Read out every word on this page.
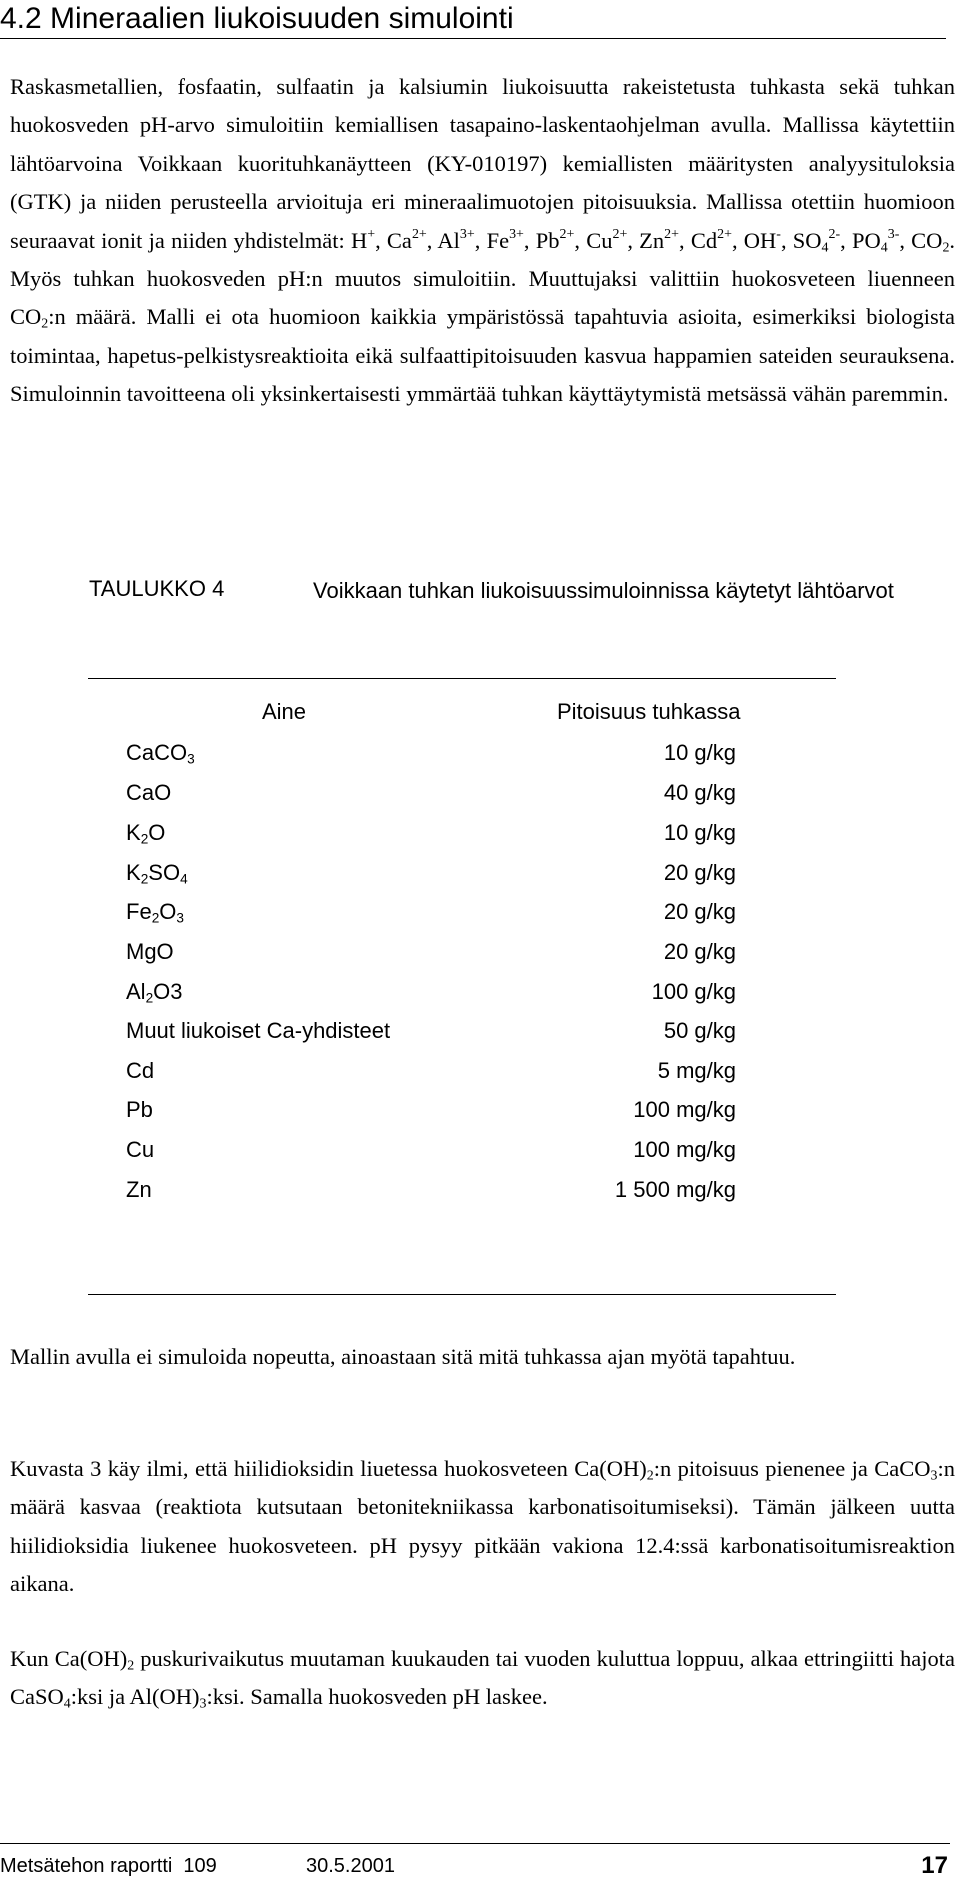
4.2 Mineraalien liukoisuuden simulointi
Raskasmetallien, fosfaatin, sulfaatin ja kalsiumin liukoisuutta rakeistetusta tuhkasta sekä tuhkan huokosveden pH-arvo simuloitiin kemiallisen tasapaino-laskentaohjelman avulla. Mallissa käytettiin lähtöarvoina Voikkaan kuorituhkanäytteen (KY-010197) kemiallisten määritysten analyysituloksia (GTK) ja niiden perusteella arvioituja eri mineraalimuotojen pitoisuuksia. Mallissa otettiin huomioon seuraavat ionit ja niiden yhdistelmät: H+, $Ca^{2+}$, $Al^{3+}$, $Fe^{3+}$, $Pb^{2+}$, $Cu^{2+}$, $Zn^{2+}$, $Cd^{2+}$, OH-, $SO_4^{2-}$, $PO_4^{3-}$, $CO_2$. Myös tuhkan huokosveden pH:n muutos simuloitiin. Muuttujaksi valittiin huokosveteen liuenneen $CO_2:n$ määrä. Malli ei ota huomioon kaikkia ympäristössä tapahtuvia asioita, esimerkiksi biologista toimintaa, hapetus-pelkistysreaktioita eikä sulfaattipitoisuuden kasvua happamien sateiden seurauksena. Simuloinnin tavoitteena oli yksinkertaisesti ymmärtää tuhkan käyttäytymistä metsässä vähän paremmin.
TAULUKKO 4	Voikkaan tuhkan liukoisuussimuloinnissa käytetyt lähtöarvot
Aine	Pitoisuus tuhkassa
CaCO$_3$	10 g/kg
CaO	40 g/kg
$K_2O$	10 g/kg
$K_2SO_4$	20 g/kg
$Fe_2O_3$	20 g/kg
MgO	20 g/kg
$Al_2O3$	100 g/kg
Muut liukoiset Ca-yhdisteet	50 g/kg
Cd	5 mg/kg
Pb	100 mg/kg
Cu	100 mg/kg
Zn	1 500 mg/kg
Mallin avulla ei simuloida nopeutta, ainoastaan sitä mitä tuhkassa ajan myötä tapahtuu.
Kuvasta 3 käy ilmi, että hiilidioksidin liuetessa huokosveteen $Ca(OH)_2:n$ pitoisuus pienenee ja CaCO$_3$:n määrä kasvaa (reaktiota kutsutaan betonitekniikassa karbonatisoitumiseksi). Tämän jälkeen uutta hiilidioksidia liukenee huokosveteen. pH pysyy pitkään vakiona 12.4:ssä karbonatisoitumisreaktion aikana.
Kun $Ca(OH)_2$ puskurivaikutus muutaman kuukauden tai vuoden kuluttua loppuu, alkaa ettringiitti hajota CaSO$_4$:ksi ja $Al(OH)_3:ksi$. Samalla huokosveden pH laskee.
Metsätehon raportti  109	30.5.2001	17
